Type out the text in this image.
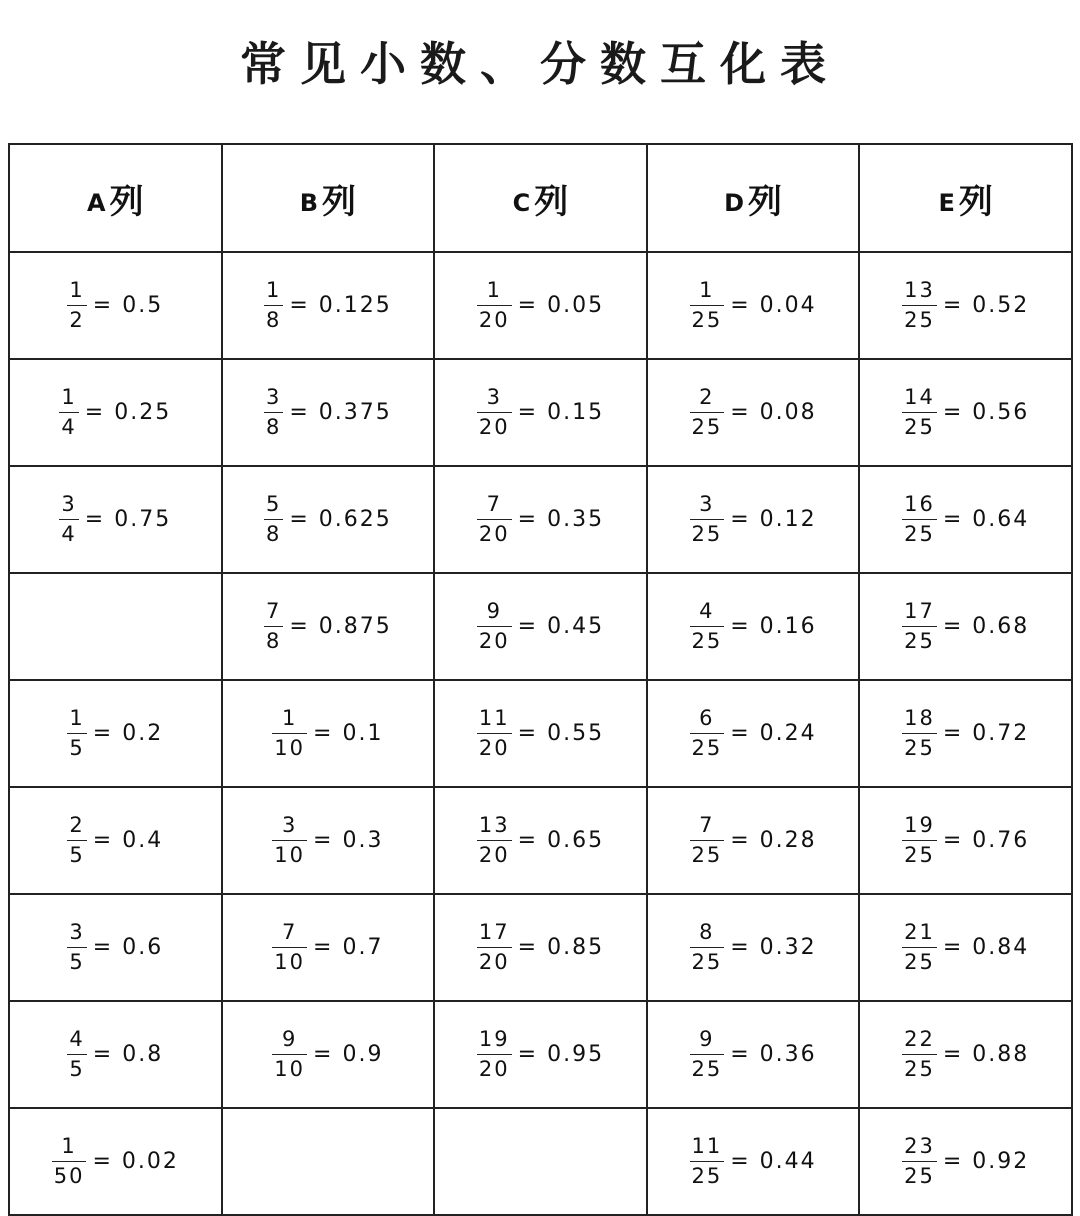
常见小数、分数互化表
A 列	B 列	C 列	D 列	E 列

$\frac{1}{2} = 0.5$	$\frac{1}{8} = 0.125$	$\frac{1}{20} = 0.05$	$\frac{1}{25} = 0.04$	$\frac{13}{25} = 0.52$

$\frac{1}{4} = 0.25$	$\frac{3}{8} = 0.375$	$\frac{3}{20} = 0.15$	$\frac{2}{25} = 0.08$	$\frac{14}{25} = 0.56$

$\frac{3}{4} = 0.75$	$\frac{5}{8} = 0.625$	$\frac{7}{20} = 0.35$	$\frac{3}{25} = 0.12$	$\frac{16}{25} = 0.64$

	$\frac{7}{8} = 0.875$	$\frac{9}{20} = 0.45$	$\frac{4}{25} = 0.16$	$\frac{17}{25} = 0.68$

$\frac{1}{5} = 0.2$	$\frac{1}{10} = 0.1$	$\frac{11}{20} = 0.55$	$\frac{6}{25} = 0.24$	$\frac{18}{25} = 0.72$

$\frac{2}{5} = 0.4$	$\frac{3}{10} = 0.3$	$\frac{13}{20} = 0.65$	$\frac{7}{25} = 0.28$	$\frac{19}{25} = 0.76$

$\frac{3}{5} = 0.6$	$\frac{7}{10} = 0.7$	$\frac{17}{20} = 0.85$	$\frac{8}{25} = 0.32$	$\frac{21}{25} = 0.84$

$\frac{4}{5} = 0.8$	$\frac{9}{10} = 0.9$	$\frac{19}{20} = 0.95$	$\frac{9}{25} = 0.36$	$\frac{22}{25} = 0.88$

$\frac{1}{50} = 0.02$			$\frac{11}{25} = 0.44$	$\frac{23}{25} = 0.92$
